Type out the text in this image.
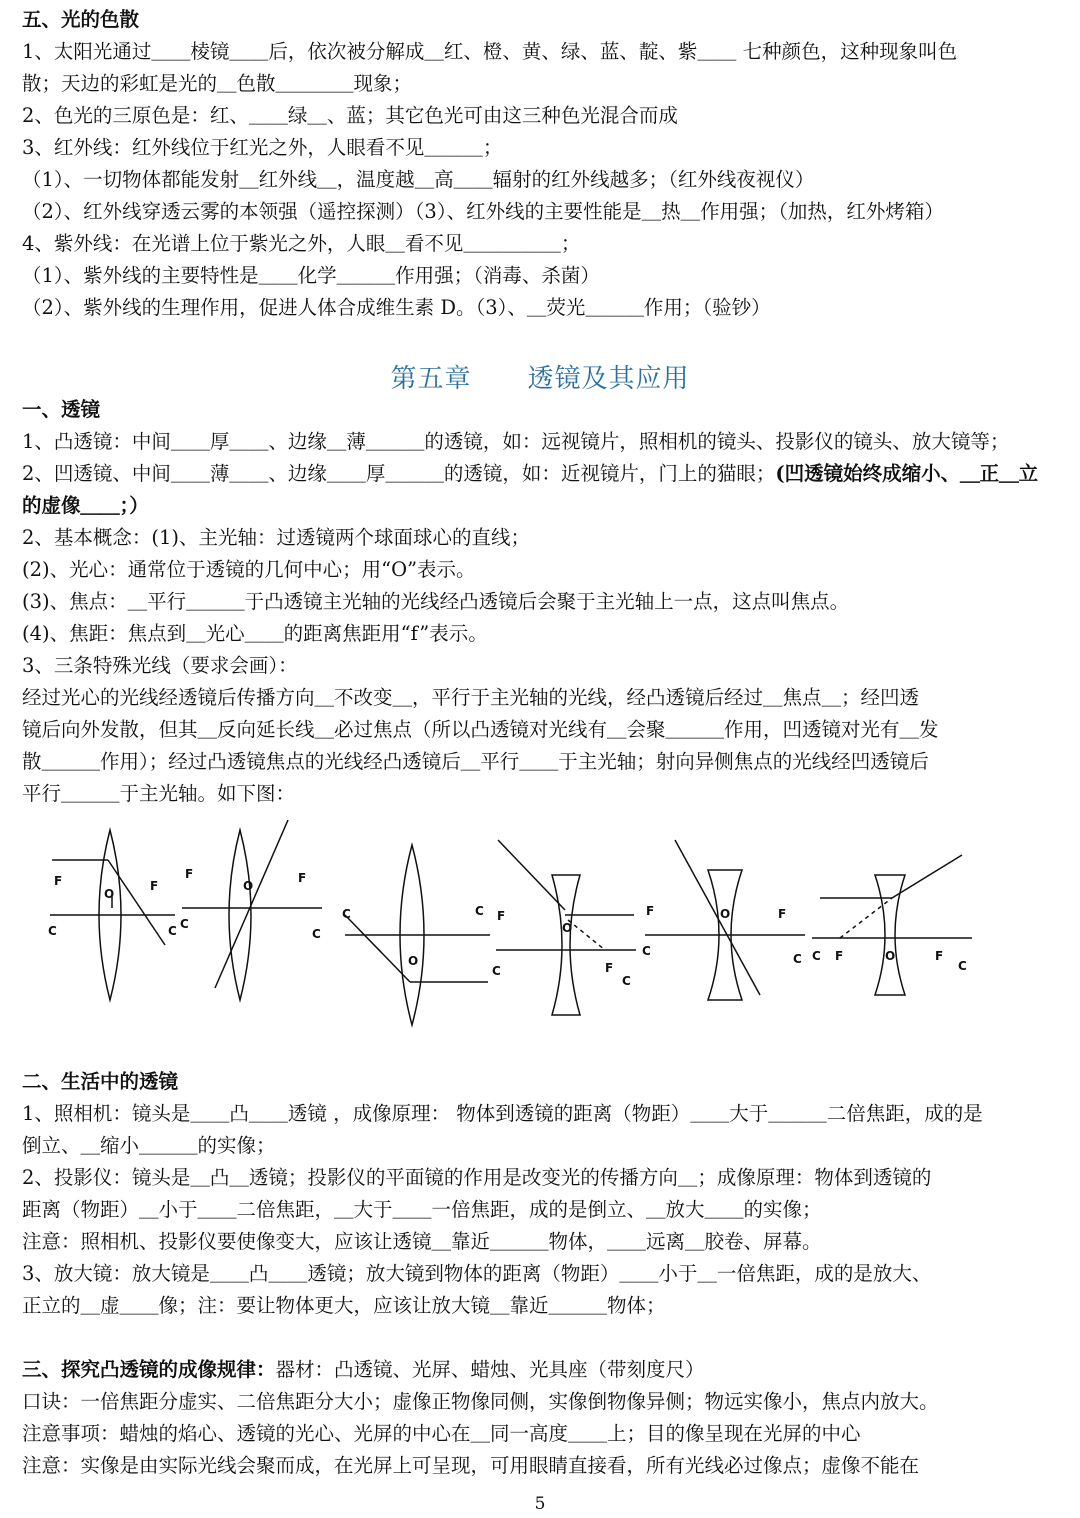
五、光的色散
1、太阳光通过＿＿棱镜＿＿后，依次被分解成＿红、橙、黄、绿、蓝、靛、紫＿＿ 七种颜色，这种现象叫色
散；天边的彩虹是光的＿色散＿＿＿＿现象；
2、色光的三原色是：红、＿＿绿＿、蓝；其它色光可由这三种色光混合而成
3、红外线：红外线位于红光之外，人眼看不见＿＿＿；
（1）、一切物体都能发射＿红外线＿，温度越＿高＿＿辐射的红外线越多；（红外线夜视仪）
（2）、红外线穿透云雾的本领强（遥控探测）（3）、红外线的主要性能是＿热＿作用强；（加热，红外烤箱）
4、紫外线：在光谱上位于紫光之外，人眼＿看不见＿＿＿＿＿；
（1）、紫外线的主要特性是＿＿化学＿＿＿作用强；（消毒、杀菌）
（2）、紫外线的生理作用，促进人体合成维生素 D。（3）、＿荧光＿＿＿作用；（验钞）
第五章 透镜及其应用
一、透镜
1、凸透镜：中间＿＿厚＿＿、边缘＿薄＿＿＿的透镜，如：远视镜片，照相机的镜头、投影仪的镜头、放大镜等；
2、凹透镜、中间＿＿薄＿＿、边缘＿＿厚＿＿＿的透镜，如：近视镜片，门上的猫眼；(凹透镜始终成缩小、＿正＿立
的虚像＿＿；）
2、基本概念：(1)、主光轴：过透镜两个球面球心的直线；
(2)、光心：通常位于透镜的几何中心；用“O”表示。
(3)、焦点：＿平行＿＿＿于凸透镜主光轴的光线经凸透镜后会聚于主光轴上一点，这点叫焦点。
(4)、焦距：焦点到＿光心＿＿的距离焦距用“f”表示。
3、三条特殊光线（要求会画）：
经过光心的光线经透镜后传播方向＿不改变＿，平行于主光轴的光线，经凸透镜后经过＿焦点＿；经凹透
镜后向外发散，但其＿反向延长线＿必过焦点（所以凸透镜对光线有＿会聚＿＿＿作用，凹透镜对光有＿发
散＿＿＿作用）；经过凸透镜焦点的光线经凸透镜后＿平行＿＿于主光轴；射向异侧焦点的光线经凹透镜后
平行＿＿＿于主光轴。如下图：
F	F
O
C	C
F	F
O
C
C
C	C
O
F
C
O
F
C
F
C
O	F
C C F	O	F
C
二、生活中的透镜
1、照相机：镜头是＿＿凸＿＿透镜 ，成像原理： 物体到透镜的距离（物距）＿＿大于＿＿＿二倍焦距，成的是
倒立、＿缩小＿＿＿的实像；
2、投影仪：镜头是＿凸＿透镜；投影仪的平面镜的作用是改变光的传播方向＿；成像原理：物体到透镜的
距离（物距）＿小于＿＿二倍焦距，＿大于＿＿一倍焦距，成的是倒立、＿放大＿＿的实像；
注意：照相机、投影仪要使像变大，应该让透镜＿靠近＿＿＿物体，＿＿远离＿胶卷、屏幕。
3、放大镜：放大镜是＿＿凸＿＿透镜；放大镜到物体的距离（物距）＿＿小于＿一倍焦距，成的是放大、
正立的＿虚＿＿像；注：要让物体更大，应该让放大镜＿靠近＿＿＿物体；
三、探究凸透镜的成像规律：器材：凸透镜、光屏、蜡烛、光具座（带刻度尺）
口诀：一倍焦距分虚实、二倍焦距分大小；虚像正物像同侧，实像倒物像异侧；物远实像小，焦点内放大。
注意事项：蜡烛的焰心、透镜的光心、光屏的中心在＿同一高度＿＿上；目的像呈现在光屏的中心
注意：实像是由实际光线会聚而成，在光屏上可呈现，可用眼睛直接看，所有光线必过像点；虚像不能在
5
